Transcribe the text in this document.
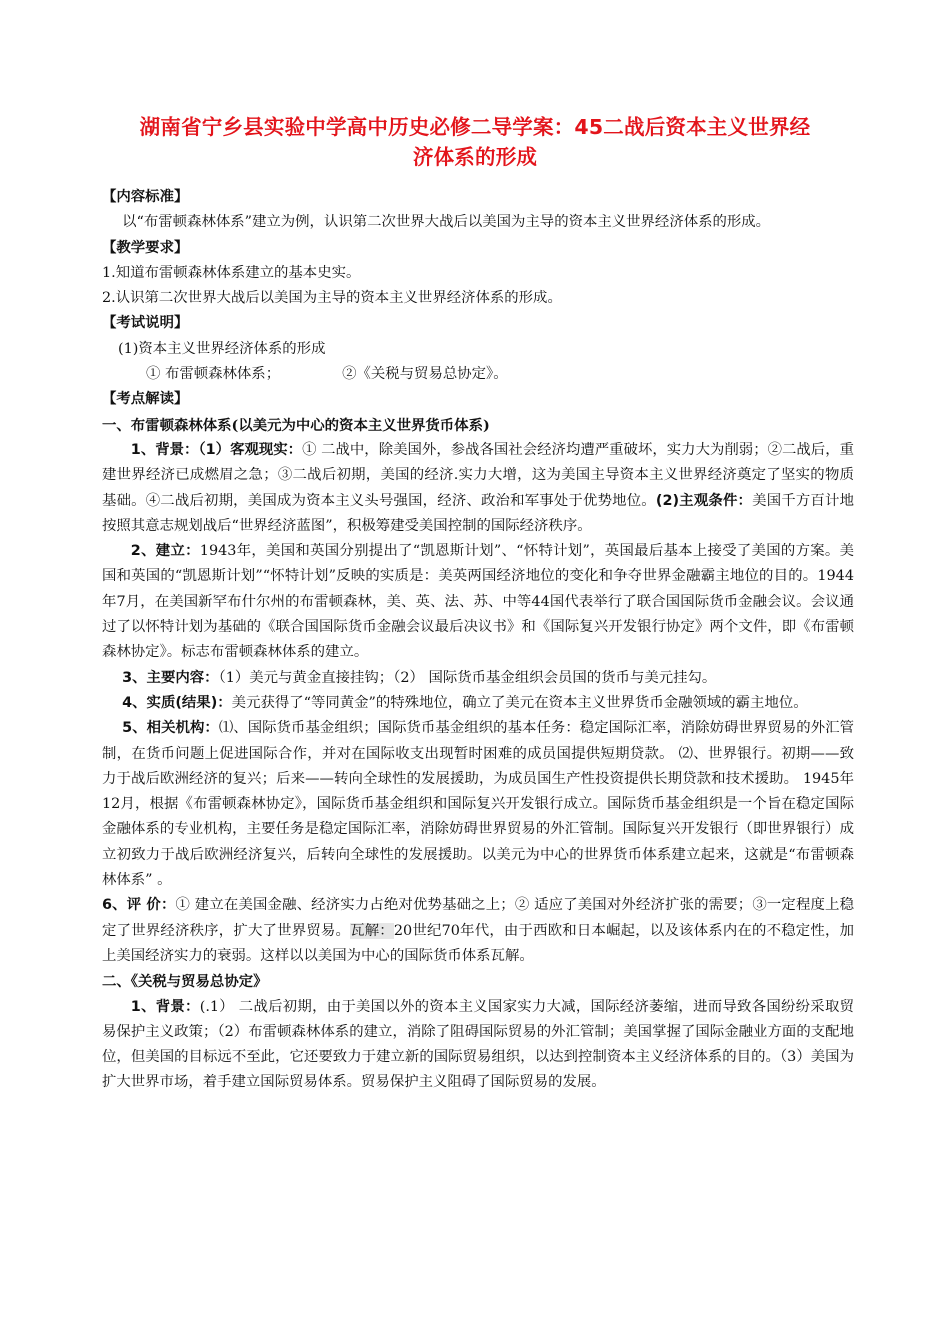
湖南省宁乡县实验中学高中历史必修二导学案：45二战后资本主义世界经
济体系的形成

【内容标准】

以“布雷顿森林体系”建立为例，认识第二次世界大战后以美国为主导的资本主义世界经济体系的形成。

【教学要求】

1.知道布雷顿森林体系建立的基本史实。

2.认识第二次世界大战后以美国为主导的资本主义世界经济体系的形成。

【考试说明】

(1)资本主义世界经济体系的形成

① 布雷顿森林体系；	②《关税与贸易总协定》。

【考点解读】

一、布雷顿森林体系(以美元为中心的资本主义世界货币体系)

1、背景：（1）客观现实：① 二战中，除美国外，参战各国社会经济均遭严重破坏，实力大为削弱；②二战后，重建世界经济已成燃眉之急；③二战后初期，美国的经济.实力大增，这为美国主导资本主义世界经济奠定了坚实的物质基础。④二战后初期，美国成为资本主义头号强国，经济、政治和军事处于优势地位。(2)主观条件：美国千方百计地按照其意志规划战后“世界经济蓝图”，积极筹建受美国控制的国际经济秩序。

2、建立：1943年，美国和英国分别提出了“凯恩斯计划”、“怀特计划”，英国最后基本上接受了美国的方案。美国和英国的“凯恩斯计划”“怀特计划”反映的实质是：美英两国经济地位的变化和争夺世界金融霸主地位的目的。1944年7月，在美国新罕布什尔州的布雷顿森林，美、英、法、苏、中等44国代表举行了联合国国际货币金融会议。会议通过了以怀特计划为基础的《联合国国际货币金融会议最后决议书》和《国际复兴开发银行协定》两个文件，即《布雷顿森林协定》。标志布雷顿森林体系的建立。

3、主要内容：（1）美元与黄金直接挂钩；（2） 国际货币基金组织会员国的货币与美元挂勾。

4、实质(结果)：美元获得了“等同黄金”的特殊地位，确立了美元在资本主义世界货币金融领域的霸主地位。

5、相关机构：⑴、国际货币基金组织；国际货币基金组织的基本任务：稳定国际汇率，消除妨碍世界贸易的外汇管制，在货币问题上促进国际合作，并对在国际收支出现暂时困难的成员国提供短期贷款。 ⑵、世界银行。初期——致力于战后欧洲经济的复兴；后来——转向全球性的发展援助，为成员国生产性投资提供长期贷款和技术援助。 1945年12月，根据《布雷顿森林协定》，国际货币基金组织和国际复兴开发银行成立。国际货币基金组织是一个旨在稳定国际金融体系的专业机构，主要任务是稳定国际汇率，消除妨碍世界贸易的外汇管制。国际复兴开发银行（即世界银行）成立初致力于战后欧洲经济复兴，后转向全球性的发展援助。以美元为中心的世界货币体系建立起来，这就是“布雷顿森林体系” 。

6、评 价：① 建立在美国金融、经济实力占绝对优势基础之上；② 适应了美国对外经济扩张的需要；③一定程度上稳定了世界经济秩序，扩大了世界贸易。瓦解：20世纪70年代，由于西欧和日本崛起，以及该体系内在的不稳定性，加上美国经济实力的衰弱。这样以以美国为中心的国际货币体系瓦解。

二、《关税与贸易总协定》

1、背景：(.1） 二战后初期，由于美国以外的资本主义国家实力大减，国际经济萎缩，进而导致各国纷纷采取贸易保护主义政策；（2）布雷顿森林体系的建立，消除了阻碍国际贸易的外汇管制；美国掌握了国际金融业方面的支配地位，但美国的目标远不至此，它还要致力于建立新的国际贸易组织，以达到控制资本主义经济体系的目的。（3）美国为扩大世界市场，着手建立国际贸易体系。贸易保护主义阻碍了国际贸易的发展。
